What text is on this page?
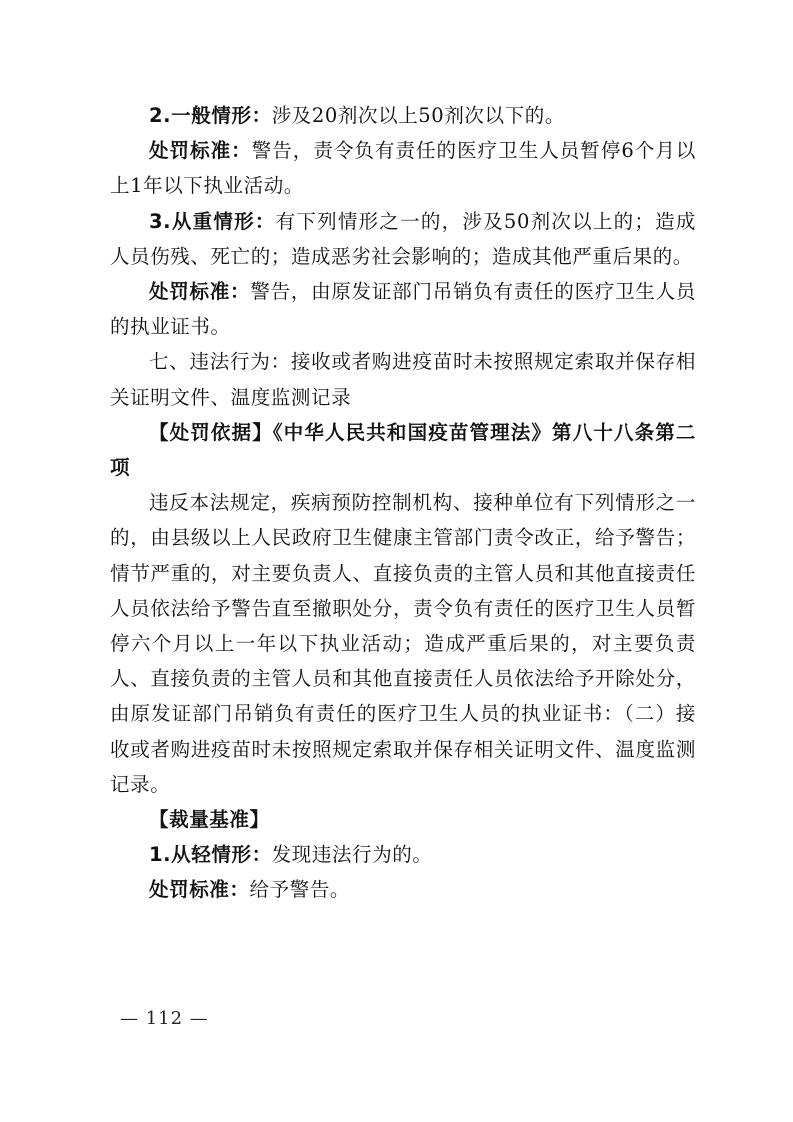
2.一般情形：涉及20剂次以上50剂次以下的。

处罚标准：警告，责令负有责任的医疗卫生人员暂停6个月以上1年以下执业活动。

3.从重情形：有下列情形之一的，涉及50剂次以上的；造成人员伤残、死亡的；造成恶劣社会影响的；造成其他严重后果的。

处罚标准：警告，由原发证部门吊销负有责任的医疗卫生人员的执业证书。

七、违法行为：接收或者购进疫苗时未按照规定索取并保存相关证明文件、温度监测记录

【处罚依据】《中华人民共和国疫苗管理法》第八十八条第二项

违反本法规定，疾病预防控制机构、接种单位有下列情形之一的，由县级以上人民政府卫生健康主管部门责令改正，给予警告；情节严重的，对主要负责人、直接负责的主管人员和其他直接责任人员依法给予警告直至撤职处分，责令负有责任的医疗卫生人员暂停六个月以上一年以下执业活动；造成严重后果的，对主要负责人、直接负责的主管人员和其他直接责任人员依法给予开除处分，由原发证部门吊销负有责任的医疗卫生人员的执业证书：（二）接收或者购进疫苗时未按照规定索取并保存相关证明文件、温度监测记录。

【裁量基准】

1.从轻情形：发现违法行为的。

处罚标准：给予警告。

— 112 —
